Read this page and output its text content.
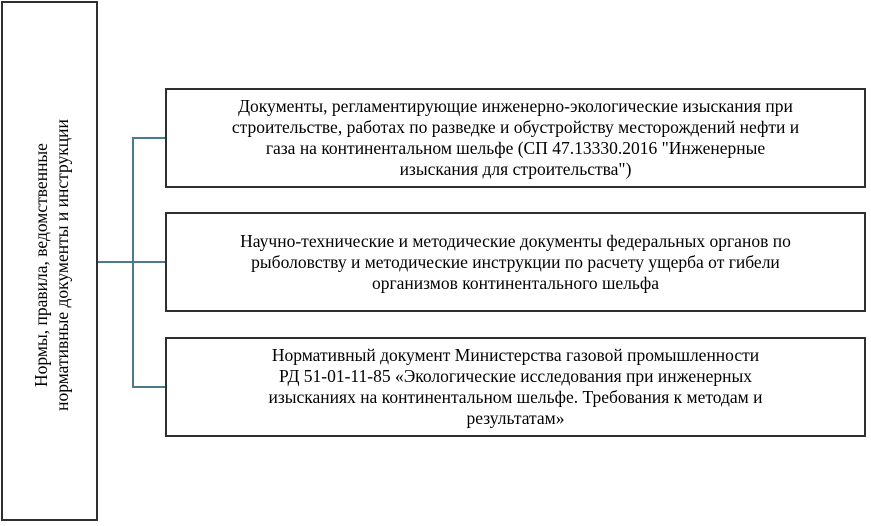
Нормы, правила, ведомственные нормативные документы и инструкции
Документы, регламентирующие инженерно-экологические изыскания при
строительстве, работах по разведке и обустройству месторождений нефти и
газа на континентальном шельфе (СП 47.13330.2016 "Инженерные
изыскания для строительства")
Научно-технические и методические документы федеральных органов по
рыболовству и методические инструкции по расчету ущерба от гибели
организмов континентального шельфа
Нормативный документ Министерства газовой промышленности
РД 51-01-11-85 «Экологические исследования при инженерных
изысканиях на континентальном шельфе. Требования к методам и
результатам»
